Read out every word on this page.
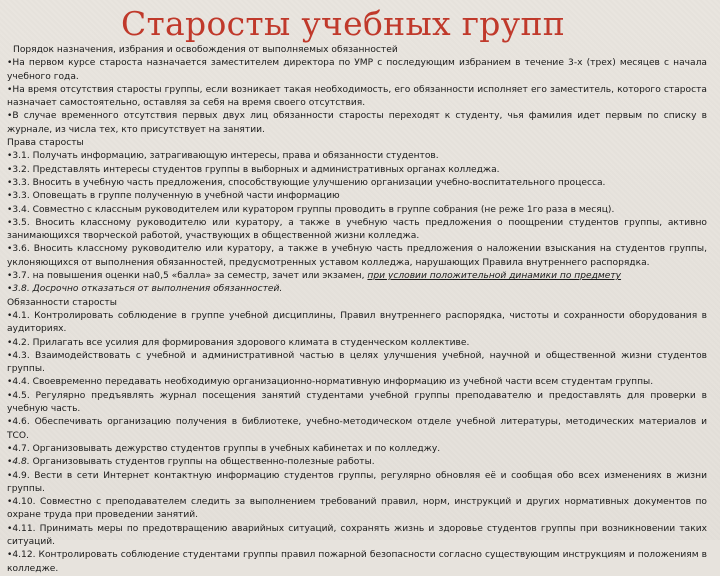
Старосты учебных групп

Порядок назначения, избрания и освобождения от выполняемых обязанностей

•На первом курсе староста назначается заместителем директора по УМР с последующим избранием в течение 3-х (трех) месяцев с начала учебного года.

•На время отсутствия старосты группы, если возникает такая необходимость, его обязанности исполняет его заместитель, которого староста назначает самостоятельно, оставляя за себя на время своего отсутствия.

•В случае временного отсутствия первых двух лиц обязанности старосты переходят к студенту, чья фамилия идет первым по списку в журнале, из числа тех, кто присутствует на занятии.

Права старосты

•3.1. Получать информацию, затрагивающую интересы, права и обязанности студентов.

•3.2. Представлять интересы студентов группы в выборных и административных органах колледжа.

•3.3. Вносить в учебную часть предложения, способствующие улучшению организации учебно-воспитательного процесса.

•3.3. Оповещать в группе полученную в учебной части информацию

•3.4. Совместно с классным руководителем или куратором группы проводить в группе собрания (не реже 1го раза в месяц).

•3.5. Вносить классному руководителю или куратору, а также в учебную часть предложения о поощрении студентов группы, активно занимающихся творческой работой, участвующих в общественной жизни колледжа.

•3.6. Вносить классному руководителю или куратору, а также в учебную часть предложения о наложении взыскания на студентов группы, уклоняющихся от выполнения обязанностей, предусмотренных уставом колледжа, нарушающих Правила внутреннего распорядка.

•3.7. на повышения оценки на0,5 «балла» за семестр, зачет или экзамен, при условии положительной динамики по предмету

•3.8. Досрочно отказаться от выполнения обязанностей.

Обязанности старосты

•4.1. Контролировать соблюдение в группе учебной дисциплины, Правил внутреннего распорядка, чистоты и сохранности оборудования в аудиториях.

•4.2. Прилагать все усилия для формирования здорового климата в студенческом коллективе.

•4.3. Взаимодействовать с учебной и административной частью в целях улучшения учебной, научной и общественной жизни студентов группы.

•4.4. Своевременно передавать необходимую организационно-нормативную информацию из учебной части всем студентам группы.

•4.5. Регулярно предъявлять журнал посещения занятий студентами учебной группы преподавателю и предоставлять для проверки в учебную часть.

•4.6. Обеспечивать организацию получения в библиотеке, учебно-методическом отделе учебной литературы, методических материалов и ТСО.

•4.7. Организовывать дежурство студентов группы в учебных кабинетах и по колледжу.

•4.8. Организовывать студентов группы на общественно-полезные работы.

•4.9. Вести в сети Интернет контактную информацию студентов группы, регулярно обновляя её и сообщая обо всех изменениях в жизни группы.

•4.10. Совместно с преподавателем следить за выполнением требований правил, норм, инструкций и других нормативных документов по охране труда при проведении занятий.

•4.11. Принимать меры по предотвращению аварийных ситуаций, сохранять жизнь и здоровье студентов группы при возникновении таких ситуаций.

•4.12. Контролировать соблюдение студентами группы правил пожарной безопасности согласно существующим инструкциям и положениям в колледже.
